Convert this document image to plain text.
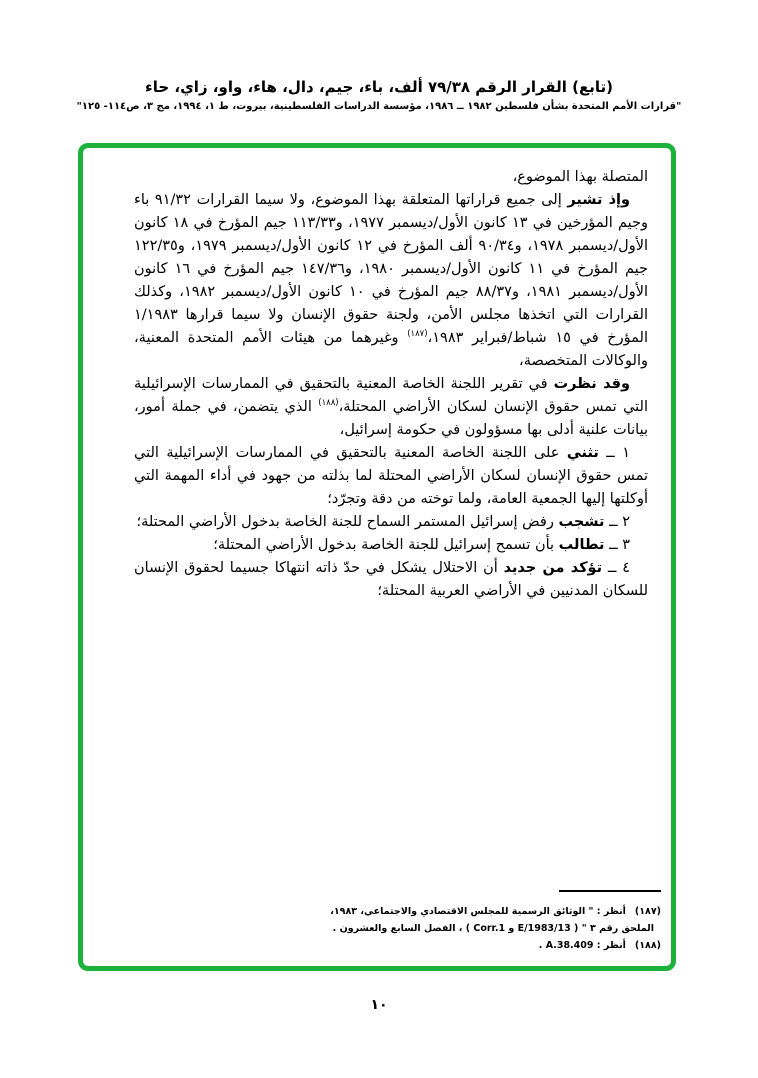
(تابع) القرار الرقم ٧٩/٣٨ ألف، باء، جيم، دال، هاء، واو، زاي، حاء
"قرارات الأمم المتحدة بشأن فلسطين ١٩٨٢ ــ ١٩٨٦، مؤسسة الدراسات الفلسطينية، بيروت، ط ١، ١٩٩٤، مج ٣، ص١١٤- ١٢٥"

المتصلة بهذا الموضوع،

وإذ تشير إلى جميع قراراتها المتعلقة بهذا الموضوع، ولا سيما القرارات ٩١/٣٢ باء وجيم المؤرخين في ١٣ كانون الأول/ديسمبر ١٩٧٧، و١١٣/٣٣ جيم المؤرخ في ١٨ كانون الأول/ديسمبر ١٩٧٨، و٩٠/٣٤ ألف المؤرخ في ١٢ كانون الأول/ديسمبر ١٩٧٩، و١٢٢/٣٥ جيم المؤرخ في ١١ كانون الأول/ديسمبر ١٩٨٠، و١٤٧/٣٦ جيم المؤرخ في ١٦ كانون الأول/ديسمبر ١٩٨١، و٨٨/٣٧ جيم المؤرخ في ١٠ كانون الأول/ديسمبر ١٩٨٢، وكذلك القرارات التي اتخذها مجلس الأمن، ولجنة حقوق الإنسان ولا سيما قرارها ١/١٩٨٣ المؤرخ في ١٥ شباط/فبراير ١٩٨٣،$^{(١٨٧)}$ وغيرهما من هيئات الأمم المتحدة المعنية، والوكالات المتخصصة،

وقد نظرت في تقرير اللجنة الخاصة المعنية بالتحقيق في الممارسات الإسرائيلية التي تمس حقوق الإنسان لسكان الأراضي المحتلة،$^{(١٨٨)}$ الذي يتضمن، في جملة أمور، بيانات علنية أدلى بها مسؤولون في حكومة إسرائيل،

١ ــ تثني على اللجنة الخاصة المعنية بالتحقيق في الممارسات الإسرائيلية التي تمس حقوق الإنسان لسكان الأراضي المحتلة لما بذلته من جهود في أداء المهمة التي أوكلتها إليها الجمعية العامة، ولما توخته من دقة وتجرّد؛

٢ ــ تشجب رفض إسرائيل المستمر السماح للجنة الخاصة بدخول الأراضي المحتلة؛

٣ ــ تطالب بأن تسمح إسرائيل للجنة الخاصة بدخول الأراضي المحتلة؛

٤ ــ تؤكد من جديد أن الاحتلال يشكل في حدّ ذاته انتهاكا جسيما لحقوق الإنسان للسكان المدنيين في الأراضي العربية المحتلة؛

(١٨٧)أنظر : " الوثائق الرسمية للمجلس الاقتصادي والاجتماعي، ١٩٨٣،
الملحق رقم ٣ " ( E/1983/13 و Corr.1 ) ، الفصل السابع والعشرون .
(١٨٨)أنظر : A.38.409 .
١٠
